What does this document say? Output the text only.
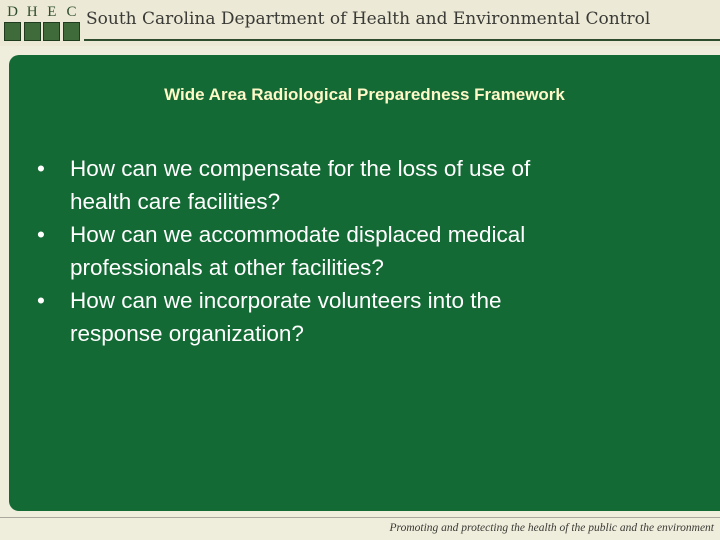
D H E C South Carolina Department of Health and Environmental Control
Wide Area Radiological Preparedness Framework
• How can we compensate for the loss of use of
health care facilities?
• How can we accommodate displaced medical
professionals at other facilities?
• How can we incorporate volunteers into the
response organization?
Promoting and protecting the health of the public and the environment
